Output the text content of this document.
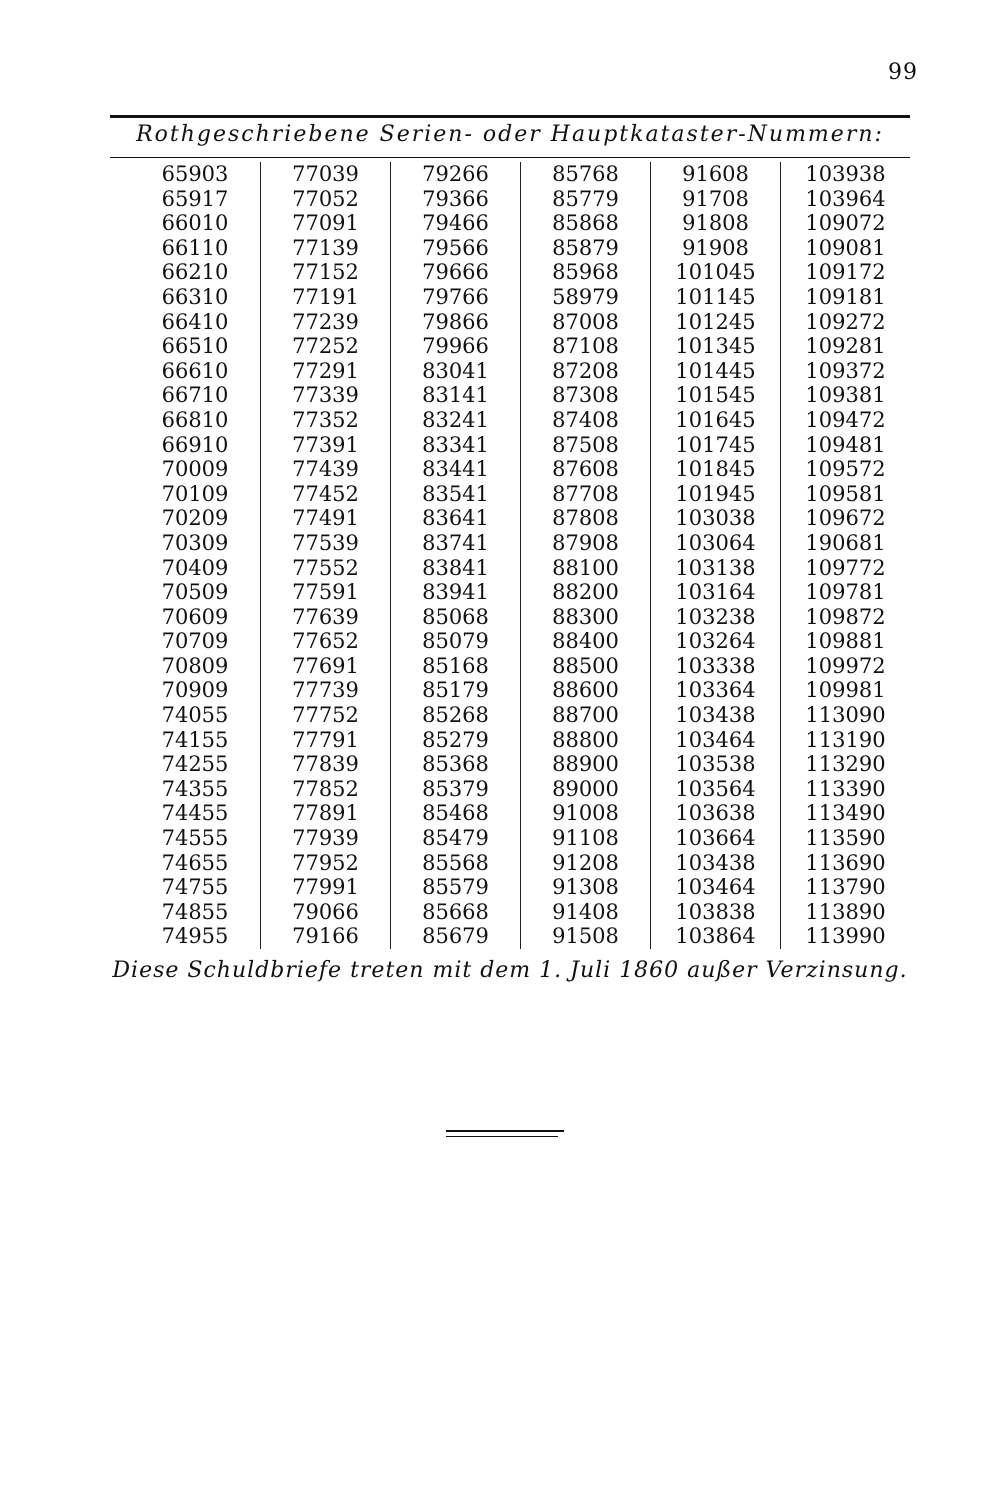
99
Rothgeschriebene Serien- oder Hauptkataster-Nummern:
65903
65917
66010
66110
66210
66310
66410
66510
66610
66710
66810
66910
70009
70109
70209
70309
70409
70509
70609
70709
70809
70909
74055
74155
74255
74355
74455
74555
74655
74755
74855
74955
77039
77052
77091
77139
77152
77191
77239
77252
77291
77339
77352
77391
77439
77452
77491
77539
77552
77591
77639
77652
77691
77739
77752
77791
77839
77852
77891
77939
77952
77991
79066
79166
79266
79366
79466
79566
79666
79766
79866
79966
83041
83141
83241
83341
83441
83541
83641
83741
83841
83941
85068
85079
85168
85179
85268
85279
85368
85379
85468
85479
85568
85579
85668
85679
85768
85779
85868
85879
85968
58979
87008
87108
87208
87308
87408
87508
87608
87708
87808
87908
88100
88200
88300
88400
88500
88600
88700
88800
88900
89000
91008
91108
91208
91308
91408
91508
91608
91708
91808
91908
101045
101145
101245
101345
101445
101545
101645
101745
101845
101945
103038
103064
103138
103164
103238
103264
103338
103364
103438
103464
103538
103564
103638
103664
103438
103464
103838
103864
103938
103964
109072
109081
109172
109181
109272
109281
109372
109381
109472
109481
109572
109581
109672
190681
109772
109781
109872
109881
109972
109981
113090
113190
113290
113390
113490
113590
113690
113790
113890
113990
Diese Schuldbriefe treten mit dem 1. Juli 1860 außer Verzinsung.
